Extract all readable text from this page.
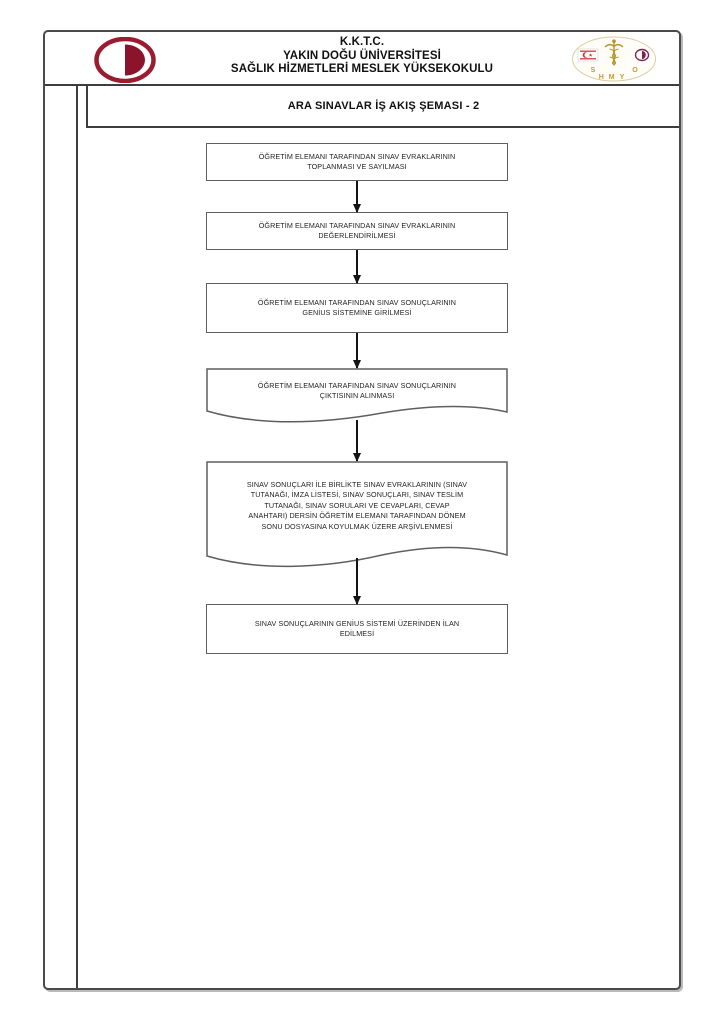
K.K.T.C.
YAKIN DOĞU ÜNİVERSİTESİ
SAĞLIK HİZMETLERİ MESLEK YÜKSEKOKULU	S	O
HMY
ARA SINAVLAR İŞ AKIŞ ŞEMASI - 2
ÖĞRETİM ELEMANI TARAFINDAN SINAV EVRAKLARININ TOPLANMASI VE SAYILMASI
ÖĞRETİM ELEMANI TARAFINDAN SINAV EVRAKLARININ DEĞERLENDİRİLMESİ
ÖĞRETİM ELEMANI TARAFINDAN SINAV SONUÇLARININ GENİUS SİSTEMİNE GİRİLMESİ
ÖĞRETİM ELEMANI TARAFINDAN SINAV SONUÇLARININ ÇIKTISININ ALINMASI
SINAV SONUÇLARI İLE BİRLİKTE SINAV EVRAKLARININ (SINAV TUTANAĞI, İMZA LİSTESİ, SINAV SONUÇLARI, SINAV TESLİM TUTANAĞI, SINAV SORULARI VE CEVAPLARI, CEVAP ANAHTARI) DERSİN ÖĞRETİM ELEMANI TARAFINDAN DÖNEM SONU DOSYASINA KOYULMAK ÜZERE ARŞİVLENMESİ
SINAV SONUÇLARININ GENİUS SİSTEMİ ÜZERİNDEN İLAN EDİLMESİ
